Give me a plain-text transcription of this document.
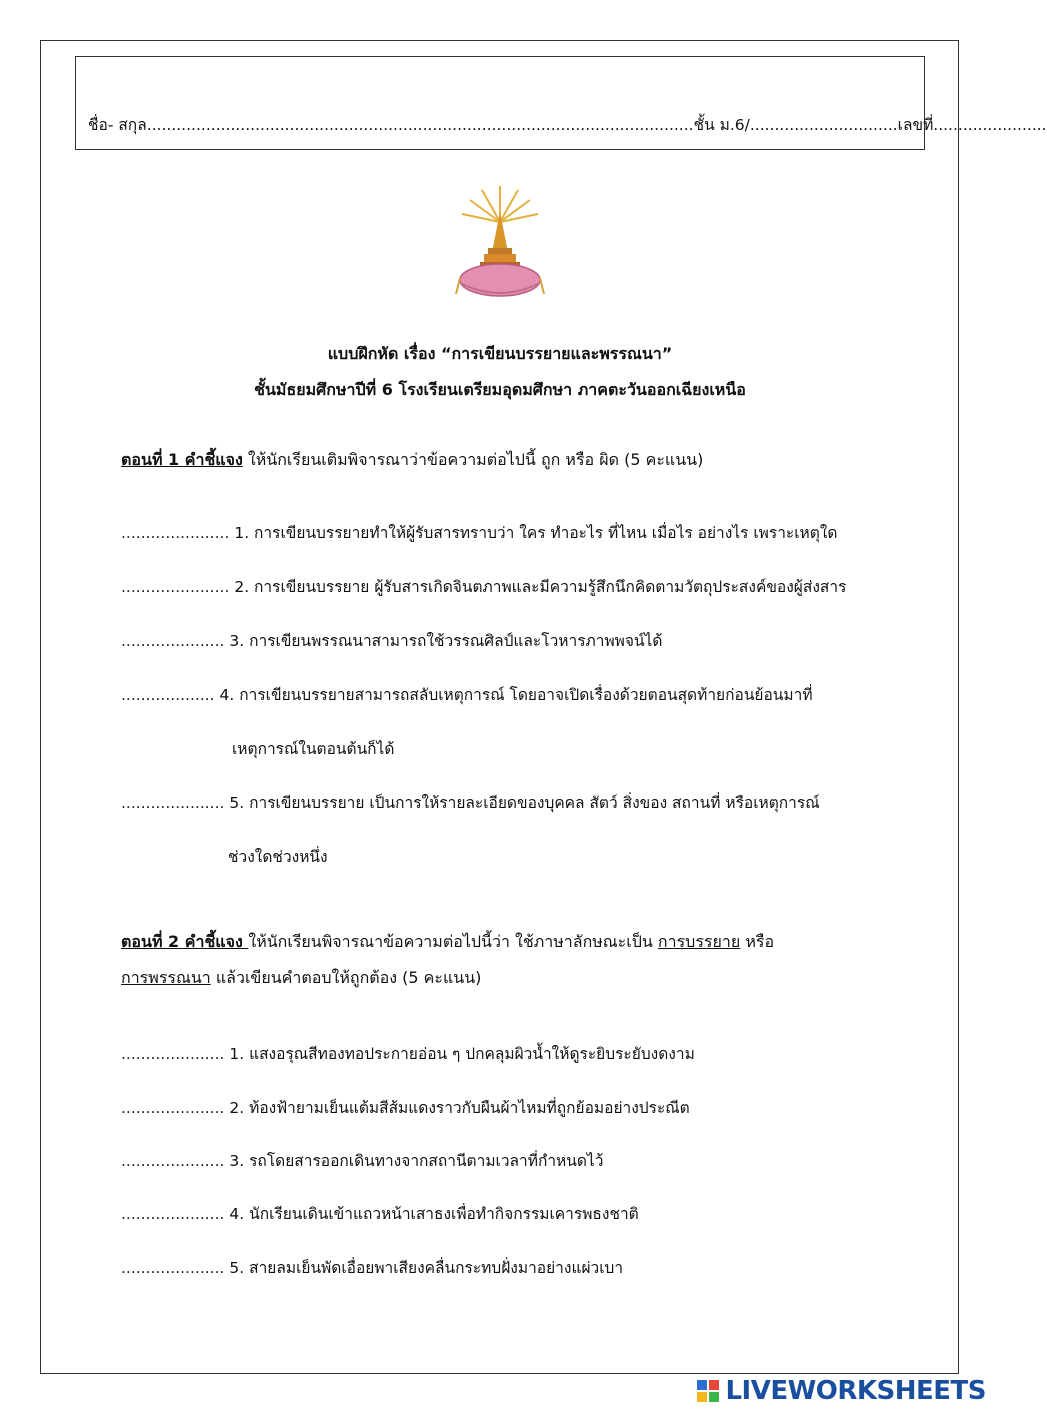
ชื่อ- สกุล...............................................................................................................ชั้น ม.6/..............................เลขที่.......................
แบบฝึกหัด เรื่อง “การเขียนบรรยายและพรรณนา”
ชั้นมัธยมศึกษาปีที่ 6 โรงเรียนเตรียมอุดมศึกษา ภาคตะวันออกเฉียงเหนือ
ตอนที่ 1 คำชี้แจง ให้นักเรียนเติมพิจารณาว่าข้อความต่อไปนี้ ถูก หรือ ผิด (5 คะแนน)
...................... 1. การเขียนบรรยายทำให้ผู้รับสารทราบว่า ใคร ทำอะไร ที่ไหน เมื่อไร อย่างไร เพราะเหตุใด
...................... 2. การเขียนบรรยาย ผู้รับสารเกิดจินตภาพและมีความรู้สึกนึกคิดตามวัตถุประสงค์ของผู้ส่งสาร
..................... 3. การเขียนพรรณนาสามารถใช้วรรณศิลป์และโวหารภาพพจน์ได้
................... 4. การเขียนบรรยายสามารถสลับเหตุการณ์ โดยอาจเปิดเรื่องด้วยตอนสุดท้ายก่อนย้อนมาที่
เหตุการณ์ในตอนต้นก็ได้
..................... 5. การเขียนบรรยาย เป็นการให้รายละเอียดของบุคคล สัตว์ สิ่งของ สถานที่ หรือเหตุการณ์
ช่วงใดช่วงหนึ่ง
ตอนที่ 2 คำชี้แจง ให้นักเรียนพิจารณาข้อความต่อไปนี้ว่า ใช้ภาษาลักษณะเป็น การบรรยาย หรือ
การพรรณนา แล้วเขียนคำตอบให้ถูกต้อง (5 คะแนน)
..................... 1. แสงอรุณสีทองทอประกายอ่อน ๆ ปกคลุมผิวน้ำให้ดูระยิบระยับงดงาม
..................... 2. ท้องฟ้ายามเย็นแต้มสีส้มแดงราวกับผืนผ้าไหมที่ถูกย้อมอย่างประณีต
..................... 3. รถโดยสารออกเดินทางจากสถานีตามเวลาที่กำหนดไว้
..................... 4. นักเรียนเดินเข้าแถวหน้าเสาธงเพื่อทำกิจกรรมเคารพธงชาติ
..................... 5. สายลมเย็นพัดเอื่อยพาเสียงคลื่นกระทบฝั่งมาอย่างแผ่วเบา
LIVEWORKSHEETS
